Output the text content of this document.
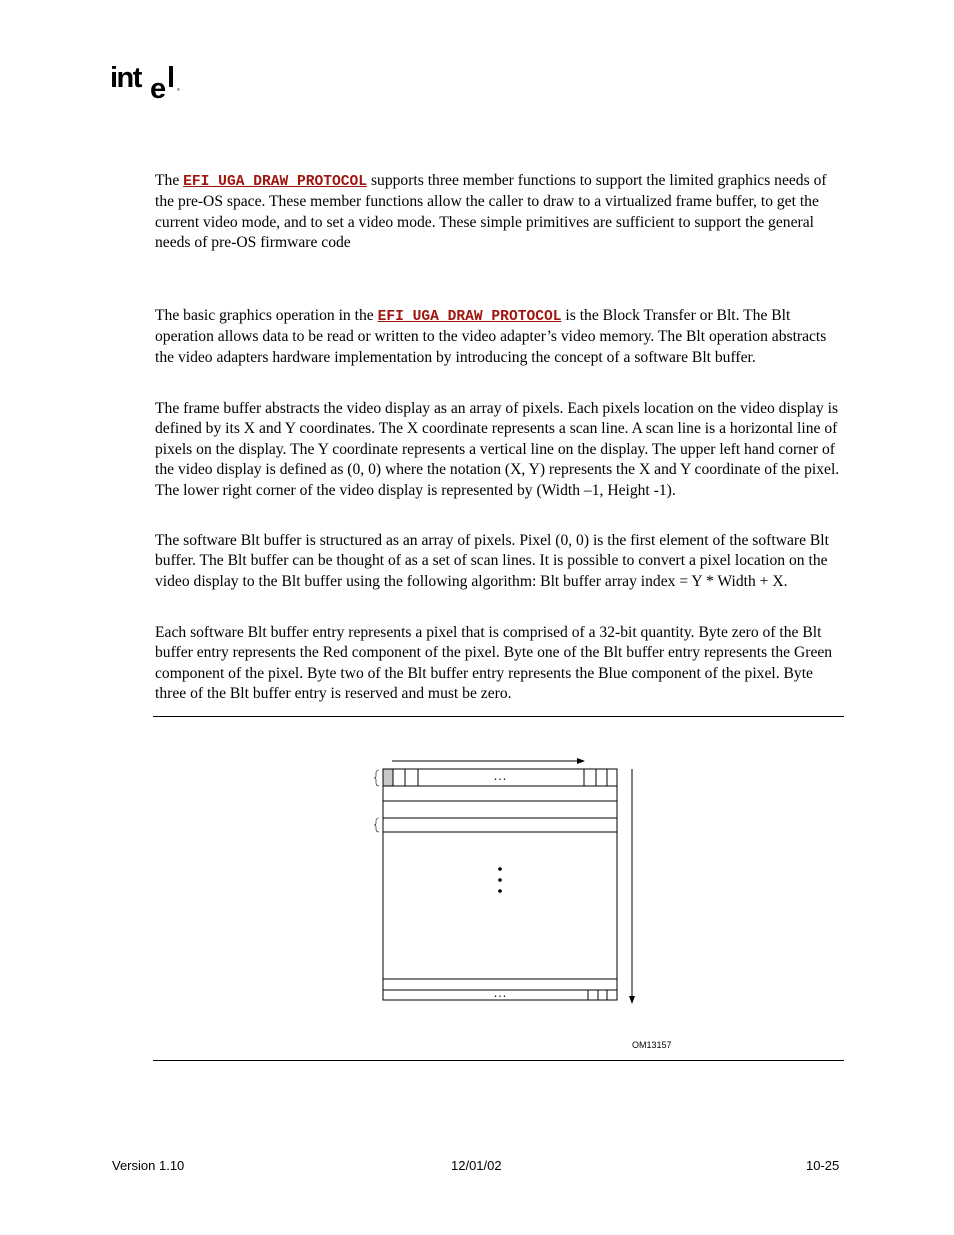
int e l ®

The EFI_UGA_DRAW_PROTOCOL supports three member functions to support the limited graphics needs of the pre-OS space. These member functions allow the caller to draw to a virtualized frame buffer, to get the current video mode, and to set a video mode. These simple primitives are sufficient to support the general needs of pre-OS firmware code

The basic graphics operation in the EFI_UGA_DRAW_PROTOCOL is the Block Transfer or Blt. The Blt operation allows data to be read or written to the video adapter’s video memory. The Blt operation abstracts the video adapters hardware implementation by introducing the concept of a software Blt buffer.

The frame buffer abstracts the video display as an array of pixels. Each pixels location on the video display is defined by its X and Y coordinates. The X coordinate represents a scan line. A scan line is a horizontal line of pixels on the display. The Y coordinate represents a vertical line on the display. The upper left hand corner of the video display is defined as (0, 0) where the notation (X, Y) represents the X and Y coordinate of the pixel. The lower right corner of the video display is represented by (Width –1, Height -1).

The software Blt buffer is structured as an array of pixels. Pixel (0, 0) is the first element of the software Blt buffer. The Blt buffer can be thought of as a set of scan lines. It is possible to convert a pixel location on the video display to the Blt buffer using the following algorithm: Blt buffer array index = Y * Width + X.

Each software Blt buffer entry represents a pixel that is comprised of a 32-bit quantity. Byte zero of the Blt buffer entry represents the Red component of the pixel. Byte one of the Blt buffer entry represents the Green component of the pixel. Byte two of the Blt buffer entry represents the Blue component of the pixel. Byte three of the Blt buffer entry is reserved and must be zero.

• • •
• • •
OM13157
Version 1.10	12/01/02	10-25
